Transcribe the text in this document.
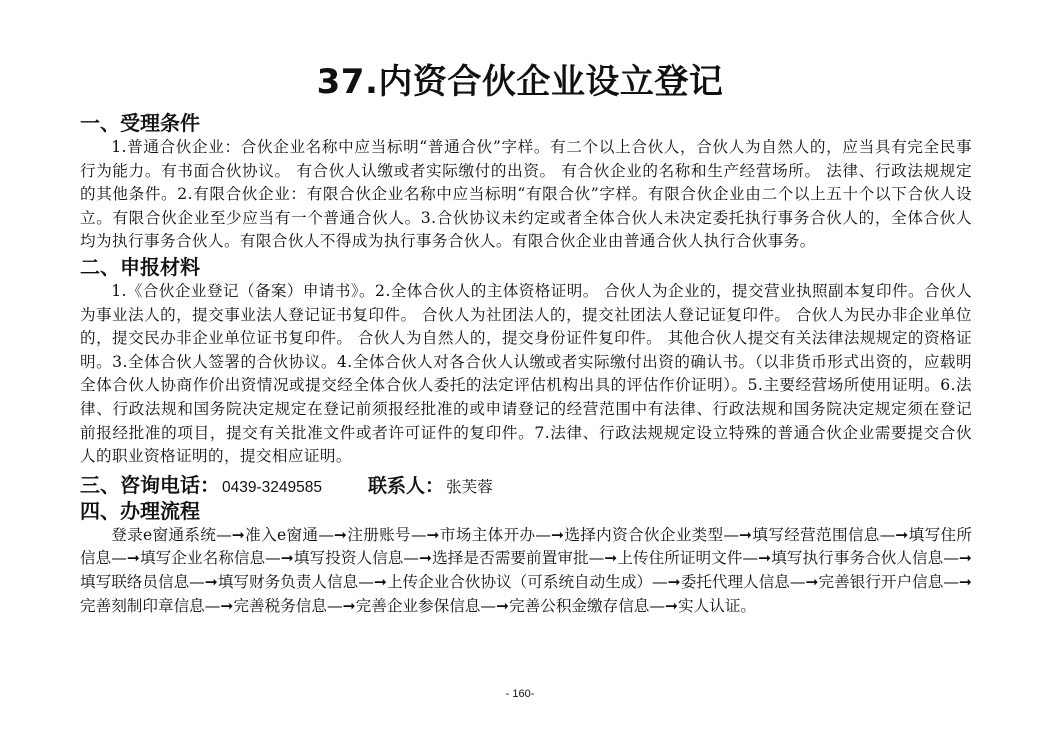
37.内资合伙企业设立登记
一、受理条件

1.普通合伙企业：合伙企业名称中应当标明“普通合伙”字样。有二个以上合伙人，合伙人为自然人的，应当具有完全民事行为能力。有书面合伙协议。 有合伙人认缴或者实际缴付的出资。 有合伙企业的名称和生产经营场所。 法律、行政法规规定的其他条件。2.有限合伙企业：有限合伙企业名称中应当标明“有限合伙”字样。有限合伙企业由二个以上五十个以下合伙人设立。有限合伙企业至少应当有一个普通合伙人。3.合伙协议未约定或者全体合伙人未决定委托执行事务合伙人的，全体合伙人均为执行事务合伙人。有限合伙人不得成为执行事务合伙人。有限合伙企业由普通合伙人执行合伙事务。

二、申报材料

1.《合伙企业登记（备案）申请书》。2.全体合伙人的主体资格证明。 合伙人为企业的，提交营业执照副本复印件。合伙人为事业法人的，提交事业法人登记证书复印件。 合伙人为社团法人的，提交社团法人登记证复印件。 合伙人为民办非企业单位的，提交民办非企业单位证书复印件。 合伙人为自然人的，提交身份证件复印件。 其他合伙人提交有关法律法规规定的资格证明。3.全体合伙人签署的合伙协议。4.全体合伙人对各合伙人认缴或者实际缴付出资的确认书。（以非货币形式出资的，应载明全体合伙人协商作价出资情况或提交经全体合伙人委托的法定评估机构出具的评估作价证明）。5.主要经营场所使用证明。6.法律、行政法规和国务院决定规定在登记前须报经批准的或申请登记的经营范围中有法律、行政法规和国务院决定规定须在登记前报经批准的项目，提交有关批准文件或者许可证件的复印件。7.法律、行政法规规定设立特殊的普通合伙企业需要提交合伙人的职业资格证明的，提交相应证明。

三、咨询电话： 0439-3249585 联系人： 张芙蓉
四、办理流程

登录e窗通系统—➞准入e窗通—➞注册账号—➞市场主体开办—➞选择内资合伙企业类型—➞填写经营范围信息—➞填写住所信息—➞填写企业名称信息—➞填写投资人信息—➞选择是否需要前置审批—➞上传住所证明文件—➞填写执行事务合伙人信息—➞填写联络员信息—➞填写财务负责人信息—➞上传企业合伙协议（可系统自动生成）—➞委托代理人信息—➞完善银行开户信息—➞完善刻制印章信息—➞完善税务信息—➞完善企业参保信息—➞完善公积金缴存信息—➞实人认证。

- 160-
